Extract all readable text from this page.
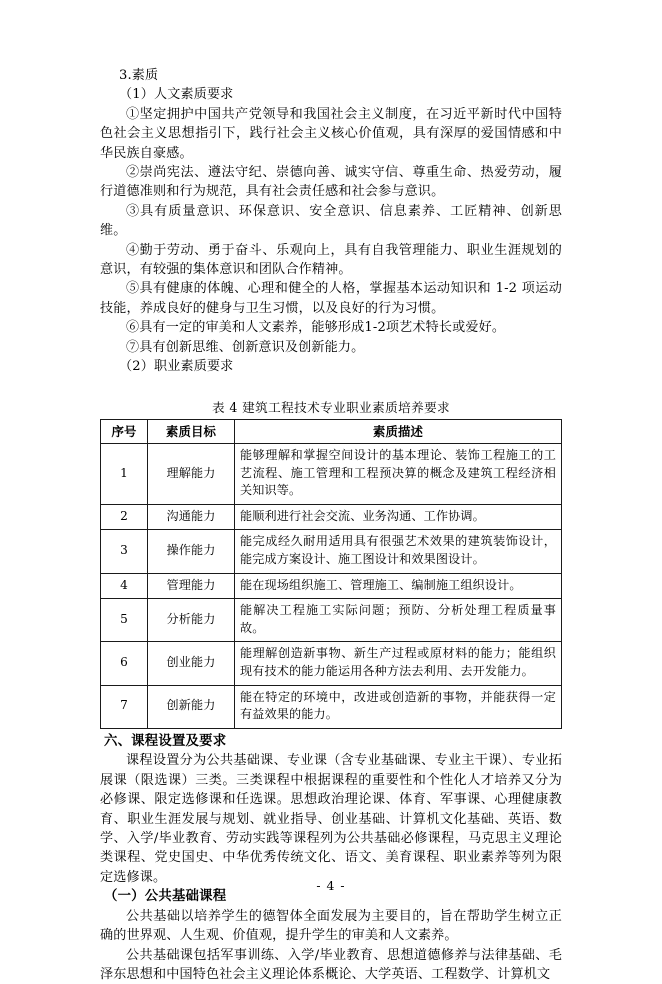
3.素质

（1）人文素质要求

①坚定拥护中国共产党领导和我国社会主义制度，在习近平新时代中国特色社会主义思想指引下，践行社会主义核心价值观，具有深厚的爱国情感和中华民族自豪感。

②崇尚宪法、遵法守纪、崇德向善、诚实守信、尊重生命、热爱劳动，履行道德准则和行为规范，具有社会责任感和社会参与意识。

③具有质量意识、环保意识、安全意识、信息素养、工匠精神、创新思维。

④勤于劳动、勇于奋斗、乐观向上，具有自我管理能力、职业生涯规划的意识，有较强的集体意识和团队合作精神。

⑤具有健康的体魄、心理和健全的人格，掌握基本运动知识和 1-2 项运动技能，养成良好的健身与卫生习惯，以及良好的行为习惯。

⑥具有一定的审美和人文素养，能够形成1-2项艺术特长或爱好。

⑦具有创新思维、创新意识及创新能力。

（2）职业素质要求

表 4 建筑工程技术专业职业素质培养要求

序号	素质目标	素质描述
1	理解能力	能够理解和掌握空间设计的基本理论、装饰工程施工的工艺流程、施工管理和工程预决算的概念及建筑工程经济相关知识等。
2	沟通能力	能顺利进行社会交流、业务沟通、工作协调。
3	操作能力	能完成经久耐用适用具有很强艺术效果的建筑装饰设计，能完成方案设计、施工图设计和效果图设计。
4	管理能力	能在现场组织施工、管理施工、编制施工组织设计。
5	分析能力	能解决工程施工实际问题；预防、分析处理工程质量事故。
6	创业能力	能理解创造新事物、新生产过程或原材料的能力；能组织现有技术的能力能运用各种方法去利用、去开发能力。
7	创新能力	能在特定的环境中，改进或创造新的事物，并能获得一定有益效果的能力。

六、课程设置及要求

课程设置分为公共基础课、专业课（含专业基础课、专业主干课）、专业拓展课（限选课）三类。三类课程中根据课程的重要性和个性化人才培养又分为必修课、限定选修课和任选课。思想政治理论课、体育、军事课、心理健康教育、职业生涯发展与规划、就业指导、创业基础、计算机文化基础、英语、数学、入学/毕业教育、劳动实践等课程列为公共基础必修课程，马克思主义理论类课程、党史国史、中华优秀传统文化、语文、美育课程、职业素养等列为限定选修课。

（一）公共基础课程

公共基础以培养学生的德智体全面发展为主要目的，旨在帮助学生树立正确的世界观、人生观、价值观，提升学生的审美和人文素养。

公共基础课包括军事训练、入学/毕业教育、思想道德修养与法律基础、毛泽东思想和中国特色社会主义理论体系概论、大学英语、工程数学、计算机文

- 4 -
